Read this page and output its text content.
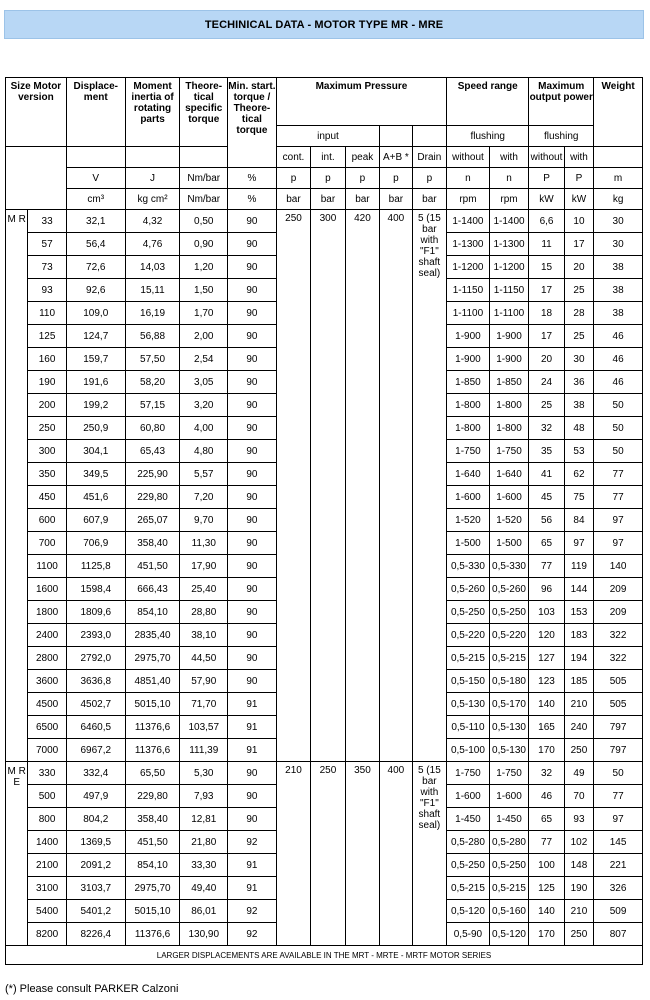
TECHINICAL DATA - MOTOR TYPE MR - MRE
Size Motor version		Displace-ment	Moment inertia of rotating parts	Theore-tical specific torque	Min. start. torque / Theore-tical torque	Maximum Pressure					Speed range		Maximum output power		Weight
						input					flushing		flushing		
						cont.	int.	peak	A+B *	Drain	without	with	without	with	
		V	J	Nm/bar	%	p	p	p	p	p	n	n	P	P	m
		cm³	kg cm²	Nm/bar	%	bar	bar	bar	bar	bar	rpm	rpm	kW	kW	kg
M R	33	32,1	4,32	0,50	90	250	300	420	400	5 (15 bar with "F1" shaft seal)	1-1400	1-1400	6,6	10	30
	57	56,4	4,76	0,90	90						1-1300	1-1300	11	17	30
	73	72,6	14,03	1,20	90						1-1200	1-1200	15	20	38
	93	92,6	15,11	1,50	90						1-1150	1-1150	17	25	38
	110	109,0	16,19	1,70	90						1-1100	1-1100	18	28	38
	125	124,7	56,88	2,00	90						1-900	1-900	17	25	46
	160	159,7	57,50	2,54	90						1-900	1-900	20	30	46
	190	191,6	58,20	3,05	90						1-850	1-850	24	36	46
	200	199,2	57,15	3,20	90						1-800	1-800	25	38	50
	250	250,9	60,80	4,00	90						1-800	1-800	32	48	50
	300	304,1	65,43	4,80	90						1-750	1-750	35	53	50
	350	349,5	225,90	5,57	90						1-640	1-640	41	62	77
	450	451,6	229,80	7,20	90						1-600	1-600	45	75	77
	600	607,9	265,07	9,70	90						1-520	1-520	56	84	97
	700	706,9	358,40	11,30	90						1-500	1-500	65	97	97
	1100	1125,8	451,50	17,90	90						0,5-330	0,5-330	77	119	140
	1600	1598,4	666,43	25,40	90						0,5-260	0,5-260	96	144	209
	1800	1809,6	854,10	28,80	90						0,5-250	0,5-250	103	153	209
	2400	2393,0	2835,40	38,10	90						0,5-220	0,5-220	120	183	322
	2800	2792,0	2975,70	44,50	90						0,5-215	0,5-215	127	194	322
	3600	3636,8	4851,40	57,90	90						0,5-150	0,5-180	123	185	505
	4500	4502,7	5015,10	71,70	91						0,5-130	0,5-170	140	210	505
	6500	6460,5	11376,6	103,57	91						0,5-110	0,5-130	165	240	797
	7000	6967,2	11376,6	111,39	91						0,5-100	0,5-130	170	250	797
M R E	330	332,4	65,50	5,30	90	210	250	350	400	5 (15 bar with "F1" shaft seal)	1-750	1-750	32	49	50
	500	497,9	229,80	7,93	90						1-600	1-600	46	70	77
	800	804,2	358,40	12,81	90						1-450	1-450	65	93	97
	1400	1369,5	451,50	21,80	92						0,5-280	0,5-280	77	102	145
	2100	2091,2	854,10	33,30	91						0,5-250	0,5-250	100	148	221
	3100	3103,7	2975,70	49,40	91						0,5-215	0,5-215	125	190	326
	5400	5401,2	5015,10	86,01	92						0,5-120	0,5-160	140	210	509
	8200	8226,4	11376,6	130,90	92						0,5-90	0,5-120	170	250	807
LARGER DISPLACEMENTS ARE AVAILABLE IN THE MRT - MRTE - MRTF MOTOR SERIES															
(*) Please consult PARKER Calzoni
